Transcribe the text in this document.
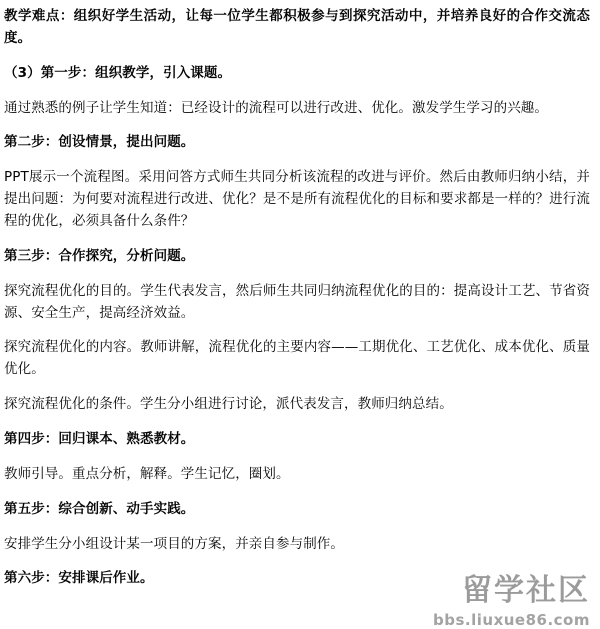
教学难点：组织好学生活动，让每一位学生都积极参与到探究活动中，并培养良好的合作交流态度。

（3）第一步：组织教学，引入课题。

通过熟悉的例子让学生知道：已经设计的流程可以进行改进、优化。激发学生学习的兴趣。

第二步：创设情景，提出问题。

PPT展示一个流程图。采用问答方式师生共同分析该流程的改进与评价。然后由教师归纳小结，并提出问题：为何要对流程进行改进、优化？是不是所有流程优化的目标和要求都是一样的？进行流程的优化，必须具备什么条件？

第三步：合作探究，分析问题。

探究流程优化的目的。学生代表发言，然后师生共同归纳流程优化的目的：提高设计工艺、节省资源、安全生产，提高经济效益。

探究流程优化的内容。教师讲解，流程优化的主要内容——工期优化、工艺优化、成本优化、质量优化。

探究流程优化的条件。学生分小组进行讨论，派代表发言，教师归纳总结。

第四步：回归课本、熟悉教材。

教师引导。重点分析，解释。学生记忆，圈划。

第五步：综合创新、动手实践。

安排学生分小组设计某一项目的方案，并亲自参与制作。

第六步：安排课后作业。	留学社区
bbs.liuxue86.com
